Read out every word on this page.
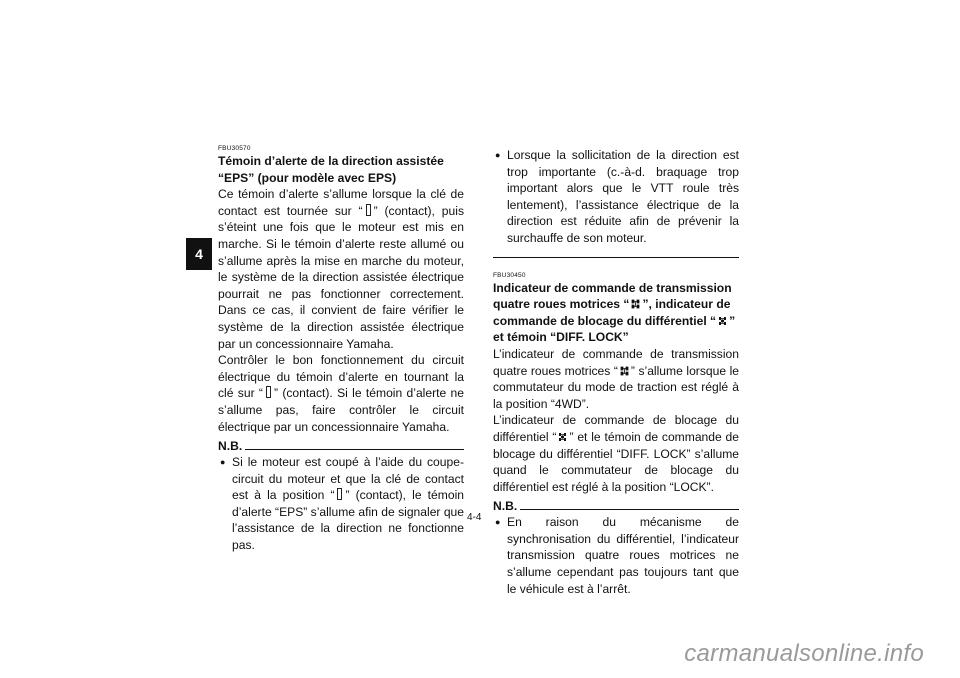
4
FBU30570
Témoin d’alerte de la direction assistée “EPS” (pour modèle avec EPS)

Ce témoin d’alerte s’allume lorsque la clé de contact est tournée sur “ ” (contact), puis s’éteint une fois que le moteur est mis en marche. Si le témoin d’alerte reste allumé ou s’allume après la mise en marche du moteur, le système de la direction assistée électrique pourrait ne pas fonctionner correctement. Dans ce cas, il convient de faire vérifier le système de la direction assistée électrique par un concessionnaire Yamaha.

Contrôler le bon fonctionnement du circuit électrique du témoin d’alerte en tournant la clé sur “ ” (contact). Si le témoin d’alerte ne s’allume pas, faire contrôler le circuit électrique par un concessionnaire Yamaha.

N.B.
● Si le moteur est coupé à l’aide du coupe-circuit du moteur et que la clé de contact est à la position “ ” (contact), le témoin d’alerte “EPS” s’allume afin de signaler que l’assistance de la direction ne fonctionne pas.
● Lorsque la sollicitation de la direction est trop importante (c.-à-d. braquage trop important alors que le VTT roule très lentement), l’assistance électrique de la direction est réduite afin de prévenir la surchauffe de son moteur.
FBU30450
Indicateur de commande de transmission quatre roues motrices “ ”, indicateur de commande de blocage du différentiel “ ” et témoin “DIFF. LOCK”

L’indicateur de commande de transmission quatre roues motrices “ ” s’allume lorsque le commutateur du mode de traction est réglé à la position “4WD”.

L’indicateur de commande de blocage du différentiel “ ” et le témoin de commande de blocage du différentiel “DIFF. LOCK” s’allume quand le commutateur de blocage du différentiel est réglé à la position “LOCK”.

N.B.
● En raison du mécanisme de synchronisation du différentiel, l’indicateur transmission quatre roues motrices ne s’allume cependant pas toujours tant que le véhicule est à l’arrêt.
4-4
carmanualsonline.info
